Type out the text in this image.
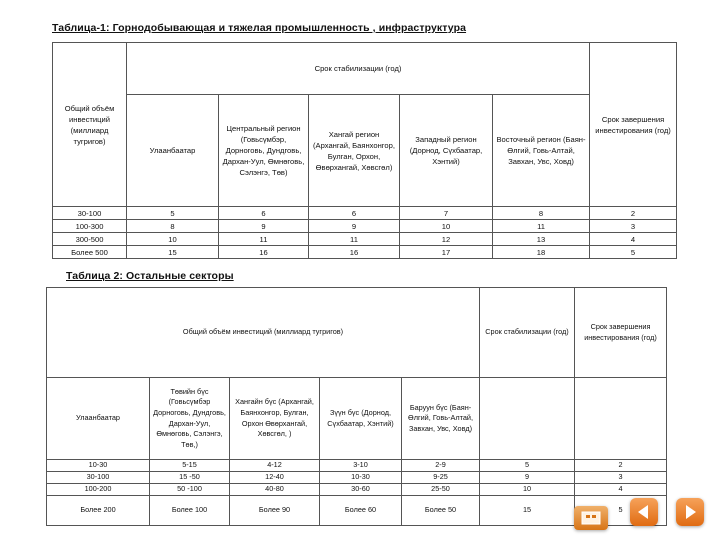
Таблица-1: Горнодобывающая и тяжелая промышленность , инфраструктура
Общий объём инвестиций (миллиард тугригов)	Срок стабилизации (год)					Срок завершения инвестирования (год)
	Улаанбаатар	Центральный регион (Говьсүмбэр, Дорноговь, Дундговь, Дархан-Уул, Өмнөговь, Сэлэнгэ, Төв)	Хангай регион (Архангай, Баянхонгор, Булган, Орхон, Өвөрхангай, Хөвсгөл)	Западный регион (Дорнод, Сүхбаатар, Хэнтий)	Восточный регион (Баян-Өлгий, Говь-Алтай, Завхан, Увс, Ховд)	
30-100	5	6	6	7	8	2
100-300	8	9	9	10	11	3
300-500	10	11	11	12	13	4
Более 500	15	16	16	17	18	5
Таблица 2: Остальные секторы
Общий объём инвестиций (миллиард тугригов)					Срок стабилизации (год)	Срок завершения инвестирования (год)
Улаанбаатар	Төвийн бүс (Говьсүмбэр Дорноговь, Дундговь, Дархан-Уул, Өмнөговь, Сэлэнгэ, Төв,)	Хангайн бүс (Архангай, Баянхонгор, Булган, Орхон Өвөрхангай, Хөвсгөл, )	Зүүн бүс (Дорнод, Сүхбаатар, Хэнтий)	Баруун бүс (Баян-Өлгий, Говь-Алтай, Завхан, Увс, Ховд)		
10-30	5-15	4-12	3-10	2-9	5	2
30-100	15 -50	12-40	10-30	9-25	9	3
100-200	50 -100	40-80	30-60	25-50	10	4
Более 200	Более 100	Более 90	Более 60	Более 50	15	5
